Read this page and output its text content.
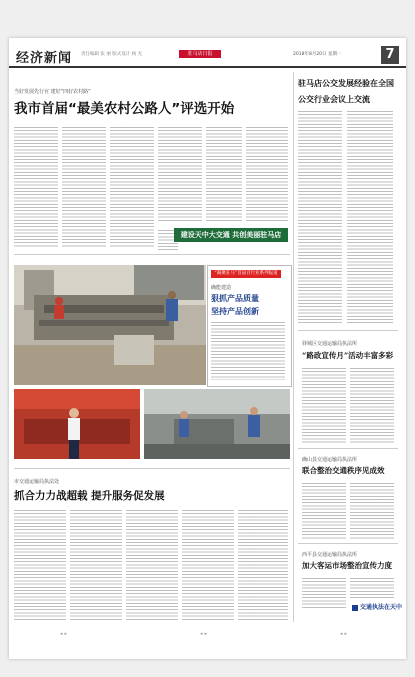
经济新闻 责任编辑 张 丽 版式设计 杨 光	驻马店日报	2018年8月20日 星期一	7
当好发展先行官 建好“四好农村路”
我市首届“最美农村公路人”评选开始
建设天中大交通 共创美丽驻马店
驻马店公交发展经验在全国
公交行业会议上交流
“凝聚驻马”首届百行业系列报道
确能建造
狠抓产品质量
坚持产品创新
驿城区交通运输局执法所
“路政宣传月”活动丰富多彩
确山县交通运输局执法所
联合整治交通秩序见成效
西平县交通运输局执法所
加大客运市场整治宣传力度
交通执法在天中
市交通运输局执法处
抓合力力战超载 提升服务促发展
◂▸	◂▸	◂▸
